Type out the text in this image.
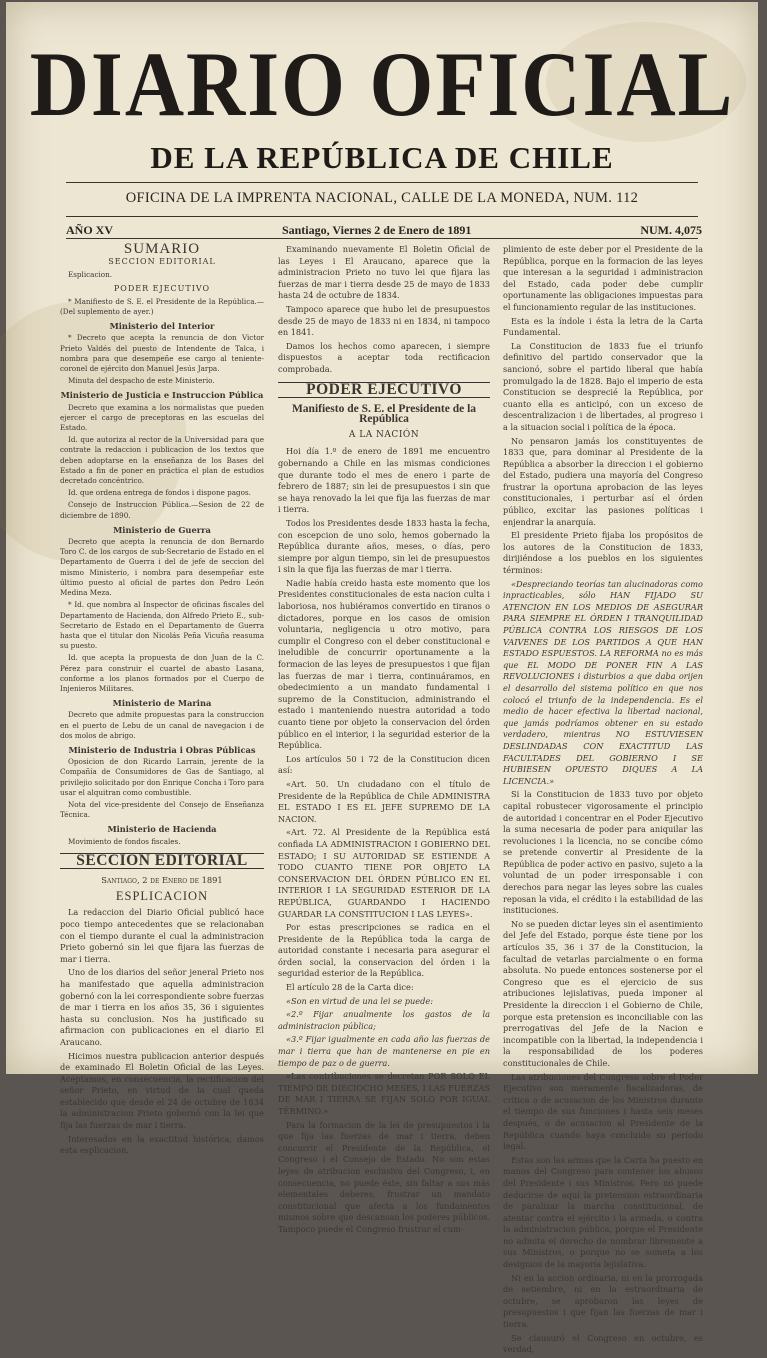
DIARIO OFICIAL
DE LA REPÚBLICA DE CHILE
OFICINA DE LA IMPRENTA NACIONAL, CALLE DE LA MONEDA, NUM. 112
AÑO XV	Santiago, Viernes 2 de Enero de 1891	NUM. 4,075
SUMARIO
SECCION EDITORIAL

Esplicacion.

PODER EJECUTIVO

* Manifiesto de S. E. el Presidente de la República.—(Del suplemento de ayer.)

Ministerio del Interior

* Decreto que acepta la renuncia de don Victor Prieto Valdés del puesto de Intendente de Talca, i nombra para que desempeñe ese cargo al teniente-coronel de ejército don Manuel Jesús Jarpa.

Minuta del despacho de este Ministerio.

Ministerio de Justicia e Instruccion Pública

Decreto que examina a los normalistas que pueden ejercer el cargo de preceptoras en las escuelas del Estado.

Id. que autoriza al rector de la Universidad para que contrate la redaccion i publicacion de los textos que deben adoptarse en la enseñanza de los Bases del Estado a fin de poner en práctica el plan de estudios decretado concéntrico.

Id. que ordena entrega de fondos i dispone pagos.

Consejo de Instruccion Pública.—Sesion de 22 de diciembre de 1890.

Ministerio de Guerra

Decreto que acepta la renuncia de don Bernardo Toro C. de los cargos de sub-Secretario de Estado en el Departamento de Guerra i del de jefe de seccion del mismo Ministerio, i nombra para desempeñar este último puesto al oficial de partes don Pedro León Medina Meza.

* Id. que nombra al Inspector de oficinas fiscales del Departamento de Hacienda, don Alfredo Prieto E., sub-Secretario de Estado en el Departamento de Guerra hasta que el titular don Nicolás Peña Vicuña reasuma su puesto.

Id. que acepta la propuesta de don Juan de la C. Pérez para construir el cuartel de abasto Lasana, conforme a los planos formados por el Cuerpo de Injenieros Militares.

Ministerio de Marina

Decreto que admite propuestas para la construccion en el puerto de Lebu de un canal de navegacion i de dos molos de abrigo.

Ministerio de Industria i Obras Públicas

Oposicion de don Ricardo Larrain, jerente de la Compañía de Consumidores de Gas de Santiago, al privilejio solicitado por don Enrique Concha i Toro para usar el alquitran como combustible.

Nota del vice-presidente del Consejo de Enseñanza Técnica.

Ministerio de Hacienda

Movimiento de fondos fiscales.

SECCION EDITORIAL
Santiago, 2 de Enero de 1891
ESPLICACION

La redaccion del Diario Oficial publicó hace poco tiempo antecedentes que se relacionaban con el tiempo durante el cual la administracion Prieto gobernó sin lei que fijara las fuerzas de mar i tierra.

Uno de los diarios del señor jeneral Prieto nos ha manifestado que aquella administracion gobernó con la lei correspondiente sobre fuerzas de mar i tierra en los años 35, 36 i siguientes hasta su conclusion. Nos ha justificado su afirmacion con publicaciones en el diario El Araucano.

Hicimos nuestra publicacion anterior después de examinado El Boletin Oficial de las Leyes. Aceptamos, en consecuencia, la rectificacion del señor Prieto, en virtud de la cual queda establecido que desde el 24 de octubre de 1834 la administracion Prieto gobernó con la lei que fija las fuerzas de mar i tierra.

Interesados en la exactitud histórica, damos esta esplicacion.

Examinando nuevamente El Boletin Oficial de las Leyes i El Araucano, aparece que la administracion Prieto no tuvo lei que fijara las fuerzas de mar i tierra desde 25 de mayo de 1833 hasta 24 de octubre de 1834.

Tampoco aparece que hubo lei de presupuestos desde 25 de mayo de 1833 ni en 1834, ni tampoco en 1841.

Damos los hechos como aparecen, i siempre dispuestos a aceptar toda rectificacion comprobada.

PODER EJECUTIVO
Manifiesto de S. E. el Presidente de la República
A LA NACIÓN

Hoi día 1.º de enero de 1891 me encuentro gobernando a Chile en las mismas condiciones que durante todo el mes de enero i parte de febrero de 1887; sin lei de presupuestos i sin que se haya renovado la lei que fija las fuerzas de mar i tierra.

Todos los Presidentes desde 1833 hasta la fecha, con escepcion de uno solo, hemos gobernado la República durante años, meses, o días, pero siempre por algun tiempo, sin lei de presupuestos i sin la que fija las fuerzas de mar i tierra.

Nadie había creido hasta este momento que los Presidentes constitucionales de esta nacion culta i laboriosa, nos hubiéramos convertido en tiranos o dictadores, porque en los casos de omision voluntaria, negligencia u otro motivo, para cumplir el Congreso con el deber constitucional e ineludible de concurrir oportunamente a la formacion de las leyes de presupuestos i que fijan las fuerzas de mar i tierra, continuáramos, en obedecimiento a un mandato fundamental i supremo de la Constitucion, administrando el estado i manteniendo nuestra autoridad a todo cuanto tiene por objeto la conservacion del órden público en el interior, i la seguridad esterior de la República.

Los artículos 50 i 72 de la Constitucion dicen así:

«Art. 50. Un ciudadano con el título de Presidente de la República de Chile ADMINISTRA EL ESTADO I ES EL JEFE SUPREMO DE LA NACION.

«Art. 72. Al Presidente de la República está confiada LA ADMINISTRACION I GOBIERNO DEL ESTADO; I SU AUTORIDAD SE ESTIENDE A TODO CUANTO TIENE POR OBJETO LA CONSERVACION DEL ÓRDEN PÚBLICO EN EL INTERIOR I LA SEGURIDAD ESTERIOR DE LA REPÚBLICA, GUARDANDO I HACIENDO GUARDAR LA CONSTITUCION I LAS LEYES».

Por estas prescripciones se radica en el Presidente de la República toda la carga de autoridad constante i necesaria para asegurar el órden social, la conservacion del órden i la seguridad esterior de la República.

El artículo 28 de la Carta dice:

«Son en virtud de una lei se puede:

«2.º Fijar anualmente los gastos de la administracion pública;

«3.º Fijar igualmente en cada año las fuerzas de mar i tierra que han de mantenerse en pie en tiempo de paz o de guerra.

«Las contribuciones se decretan POR SOLO EL TIEMPO DE DIECIOCHO MESES, I LAS FUERZAS DE MAR I TIERRA SE FIJAN SOLO POR IGUAL TÉRMINO.»

Para la formacion de la lei de presupuestos i la que fija las fuerzas de mar i tierra, deben concurrir el Presidente de la República, el Congreso i el Consejo de Estado. No son estas leyes de atribucion esclusiva del Congreso, i, en consecuencia, no puede éste, sin faltar a sus más elementales deberes, frustrar un mandato constitucional que afecta a los fundamentos mismos sobre que descansan los poderes públicos. Tampoco puede el Congreso frustrar el cum-

plimiento de este deber por el Presidente de la República, porque en la formacion de las leyes que interesan a la seguridad i administracion del Estado, cada poder debe cumplir oportunamente las obligaciones impuestas para el funcionamiento regular de las instituciones.

Esta es la índole i ésta la letra de la Carta Fundamental.

La Constitucion de 1833 fue el triunfo definitivo del partido conservador que la sancionó, sobre el partido liberal que había promulgado la de 1828. Bajo el imperio de esta Constitucion se desprecié la República, por cuanto ella es anticipó, con un exceso de descentralizacion i de libertades, al progreso i a la situacion social i política de la época.

No pensaron jamás los constituyentes de 1833 que, para dominar al Presidente de la República a absorber la direccion i el gobierno del Estado, pudiera una mayoría del Congreso frustrar la oportuna aprobacion de las leyes constitucionales, i perturbar así el órden público, excitar las pasiones políticas i enjendrar la anarquía.

El presidente Prieto fijaba los propósitos de los autores de la Constitucion de 1833, dirijiéndose a los pueblos en los siguientes términos:

«Despreciando teorías tan alucinadoras como inpracticables, sólo HAN FIJADO SU ATENCION EN LOS MEDIOS DE ASEGURAR PARA SIEMPRE EL ÓRDEN I TRANQUILIDAD PÚBLICA CONTRA LOS RIESGOS DE LOS VAIVENES DE LOS PARTIDOS A QUE HAN ESTADO ESPUESTOS. LA REFORMA no es más que EL MODO DE PONER FIN A LAS REVOLUCIONES i disturbios a que daba orijen el desarrollo del sistema político en que nos colocó el triunfo de la independencia. Es el medio de hacer efectiva la libertad nacional, que jamás podríamos obtener en su estado verdadero, mientras NO ESTUVIESEN DESLINDADAS CON EXACTITUD LAS FACULTADES DEL GOBIERNO I SE HUBIESEN OPUESTO DIQUES A LA LICENCIA.»

Si la Constitucion de 1833 tuvo por objeto capital robustecer vigorosamente el principio de autoridad i concentrar en el Poder Ejecutivo la suma necesaria de poder para aniquilar las revoluciones i la licencia, no se concibe cómo se pretende convertir al Presidente de la República de poder activo en pasivo, sujeto a la voluntad de un poder irresponsable i con derechos para negar las leyes sobre las cuales reposan la vida, el crédito i la estabilidad de las instituciones.

No se pueden dictar leyes sin el asentimiento del Jefe del Estado, porque éste tiene por los artículos 35, 36 i 37 de la Constitucion, la facultad de vetarlas parcialmente o en forma absoluta. No puede entonces sostenerse por el Congreso que es el ejercicio de sus atribuciones lejislativas, pueda imponer al Presidente la direccion i el Gobierno de Chile, porque esta pretension es inconciliable con las prerrogativas del Jefe de la Nacion e incompatible con la libertad, la independencia i la responsabilidad de los poderes constitucionales de Chile.

Las atribuciones del Congreso sobre el Poder Ejecutivo son meramente fiscalizadoras, de crítica o de acusacion de los Ministros durante el tiempo de sus funciones i hasta seis meses después, o de acusacion al Presidente de la República cuando haya concluido su período legal.

Estas son las armas que la Carta ha puesto en manos del Congreso para contener los abusos del Presidente i sus Ministros. Pero no puede deducirse de aquí la pretension estraordinaria de paralizar la marcha constitucional, de atentar contra el ejército i la armada, o contra la administracion pública, porque el Presidente no admita el derecho de nombrar libremente a sus Ministros, o porque no se someta a los designios de la mayoría lejislativa.

Ni en la accion ordinaria, ni en la prorrogada de setiembre, ni en la estraordinaria de octubre, se aprobaron las leyes de presupuestos i que fijan las fuerzas de mar i tierra.

Se clausuró el Congreso en octubre, es verdad,
